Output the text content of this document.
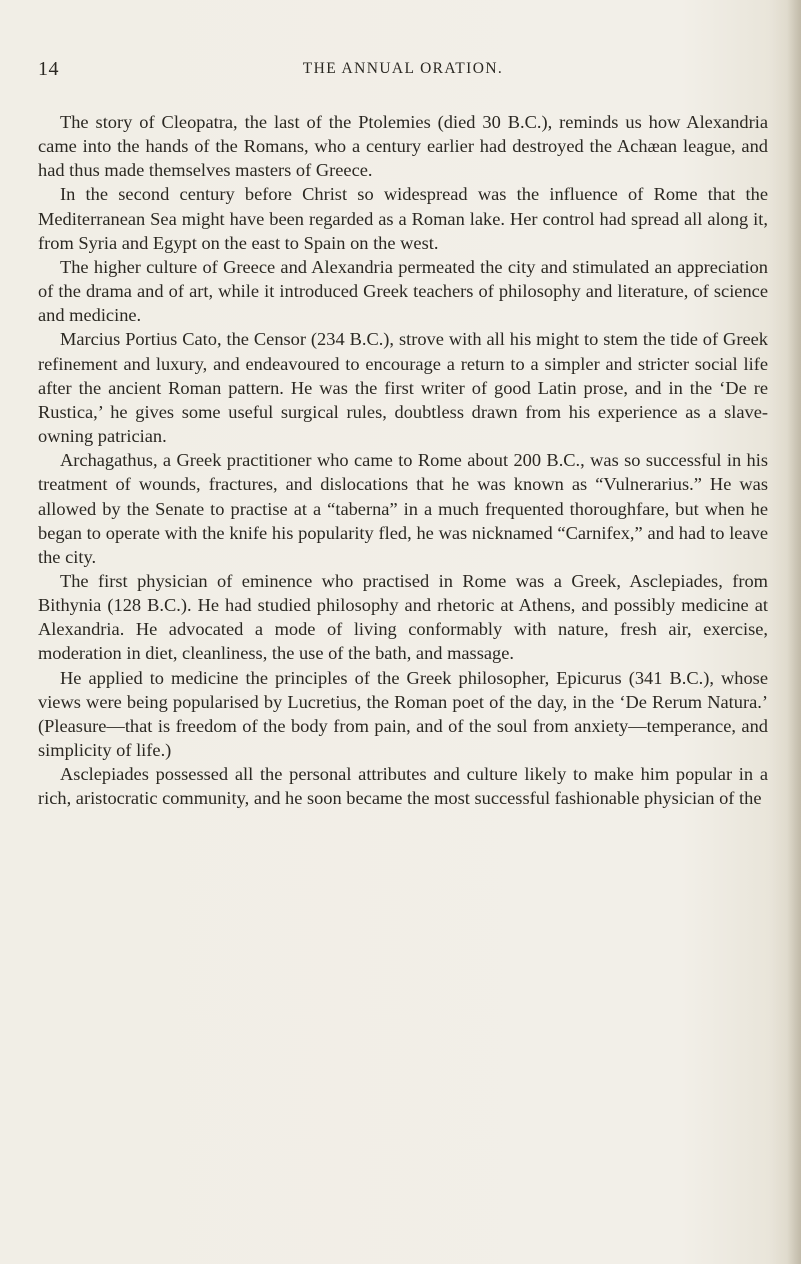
14	THE ANNUAL ORATION.

The story of Cleopatra, the last of the Ptolemies (died 30 B.C.), reminds us how Alexandria came into the hands of the Romans, who a century earlier had destroyed the Achæan league, and had thus made themselves masters of Greece.

In the second century before Christ so widespread was the influence of Rome that the Mediterranean Sea might have been regarded as a Roman lake. Her control had spread all along it, from Syria and Egypt on the east to Spain on the west.

The higher culture of Greece and Alexandria permeated the city and stimulated an appreciation of the drama and of art, while it introduced Greek teachers of philosophy and literature, of science and medicine.

Marcius Portius Cato, the Censor (234 B.C.), strove with all his might to stem the tide of Greek refinement and luxury, and endeavoured to encourage a return to a simpler and stricter social life after the ancient Roman pattern. He was the first writer of good Latin prose, and in the ‘De re Rustica,’ he gives some useful surgical rules, doubtless drawn from his experience as a slave-owning patrician.

Archagathus, a Greek practitioner who came to Rome about 200 B.C., was so successful in his treatment of wounds, fractures, and dislocations that he was known as “Vulnerarius.” He was allowed by the Senate to practise at a “taberna” in a much frequented thoroughfare, but when he began to operate with the knife his popularity fled, he was nicknamed “Carnifex,” and had to leave the city.

The first physician of eminence who practised in Rome was a Greek, Asclepiades, from Bithynia (128 B.C.). He had studied philosophy and rhetoric at Athens, and possibly medicine at Alexandria. He advocated a mode of living conformably with nature, fresh air, exercise, moderation in diet, cleanliness, the use of the bath, and massage.

He applied to medicine the principles of the Greek philosopher, Epicurus (341 B.C.), whose views were being popularised by Lucretius, the Roman poet of the day, in the ‘De Rerum Natura.’ (Pleasure—that is freedom of the body from pain, and of the soul from anxiety—temperance, and simplicity of life.)

Asclepiades possessed all the personal attributes and culture likely to make him popular in a rich, aristocratic community, and he soon became the most successful fashionable physician of the
